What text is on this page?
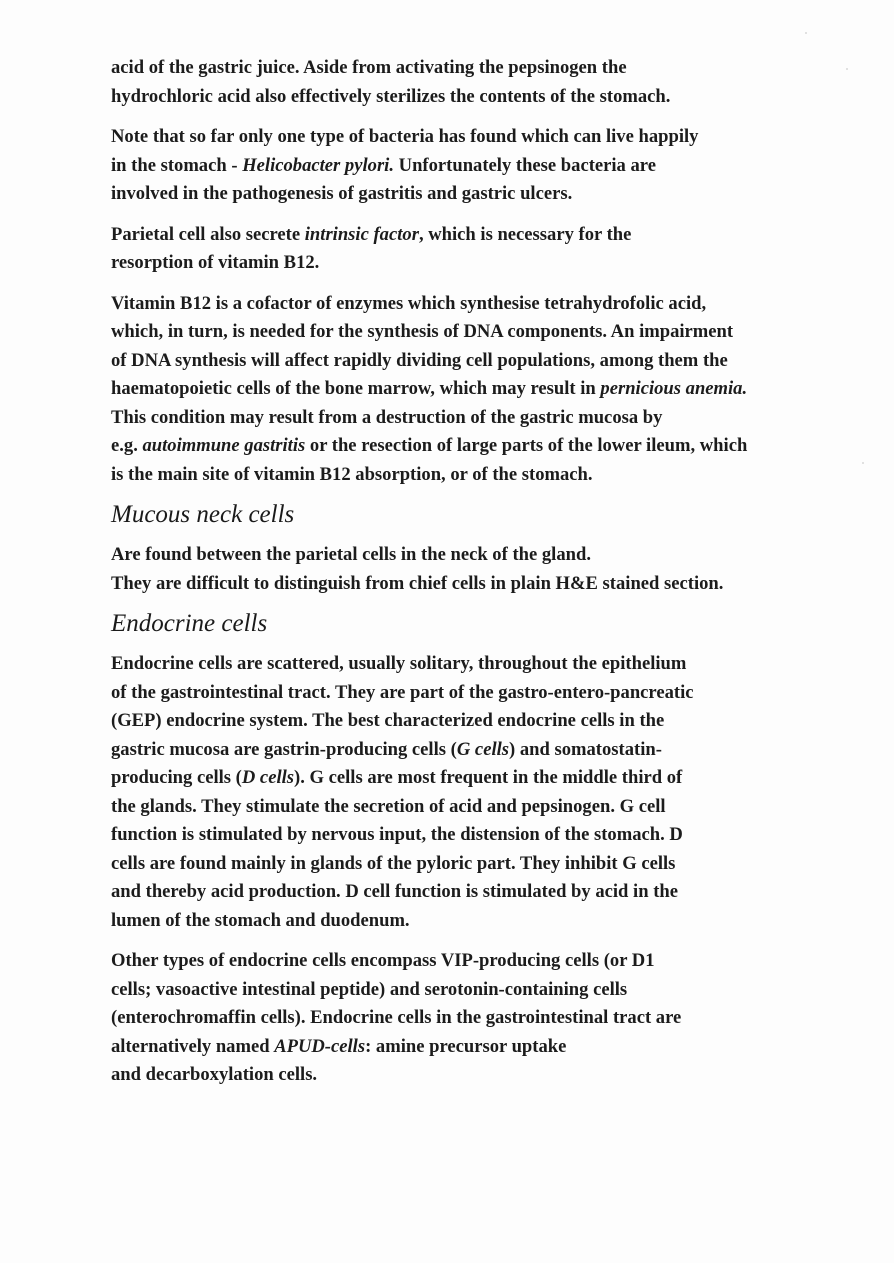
acid of the gastric juice. Aside from activating the pepsinogen the
hydrochloric acid also effectively sterilizes the contents of the stomach.
Note that so far only one type of bacteria has found which can live happily
in the stomach - Helicobacter pylori. Unfortunately these bacteria are
involved in the pathogenesis of gastritis and gastric ulcers.
Parietal cell also secrete intrinsic factor, which is necessary for the
resorption of vitamin B12.
Vitamin B12 is a cofactor of enzymes which synthesise tetrahydrofolic acid,
which, in turn, is needed for the synthesis of DNA components. An impairment
of DNA synthesis will affect rapidly dividing cell populations, among them the
haematopoietic cells of the bone marrow, which may result in pernicious anemia.
This condition may result from a destruction of the gastric mucosa by
e.g. autoimmune gastritis or the resection of large parts of the lower ileum, which
is the main site of vitamin B12 absorption, or of the stomach.
Mucous neck cells
Are found between the parietal cells in the neck of the gland.
They are difficult to distinguish from chief cells in plain H&E stained section.
Endocrine cells
Endocrine cells are scattered, usually solitary, throughout the epithelium
of the gastrointestinal tract. They are part of the gastro-entero-pancreatic
(GEP) endocrine system. The best characterized endocrine cells in the
gastric mucosa are gastrin-producing cells (G cells) and somatostatin-
producing cells (D cells). G cells are most frequent in the middle third of
the glands. They stimulate the secretion of acid and pepsinogen. G cell
function is stimulated by nervous input, the distension of the stomach. D
cells are found mainly in glands of the pyloric part. They inhibit G cells
and thereby acid production. D cell function is stimulated by acid in the
lumen of the stomach and duodenum.
Other types of endocrine cells encompass VIP-producing cells (or D1
cells; vasoactive intestinal peptide) and serotonin-containing cells
(enterochromaffin cells). Endocrine cells in the gastrointestinal tract are
alternatively named APUD-cells: amine precursor uptake
and decarboxylation cells.
